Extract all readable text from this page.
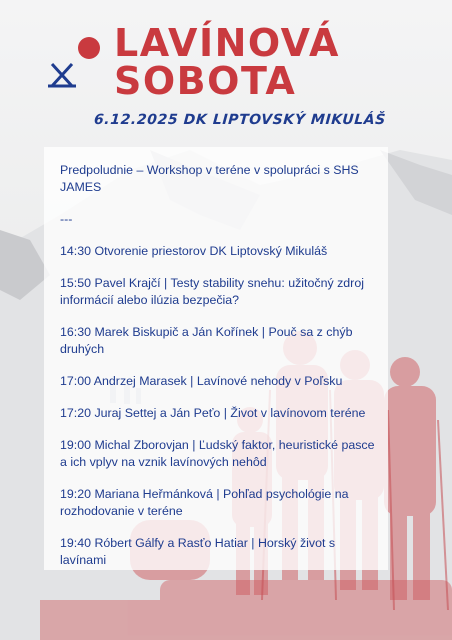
LAVÍNOVÁ
SOBOTA
6.12.2025 DK LIPTOVSKÝ MIKULÁŠ
Predpoludnie – Workshop v teréne v spolupráci s SHS JAMES
---
14:30 Otvorenie priestorov DK Liptovský Mikuláš
15:50 Pavel Krajčí | Testy stability snehu: užitočný zdroj informácií alebo ilúzia bezpečia?
16:30 Marek Biskupič a Ján Kořínek | Pouč sa z chýb druhých
17:00 Andrzej Marasek | Lavínové nehody v Poľsku
17:20 Juraj Settej a Ján Peťo | Život v lavínovom teréne
19:00 Michal Zborovjan | Ľudský faktor, heuristické pasce a ich vplyv na vznik lavínových nehôd
19:20 Mariana Heřmánková | Pohľad psychológie na rozhodovanie v teréne
19:40 Róbert Gálfy a Rasťo Hatiar | Horský život s lavínami
